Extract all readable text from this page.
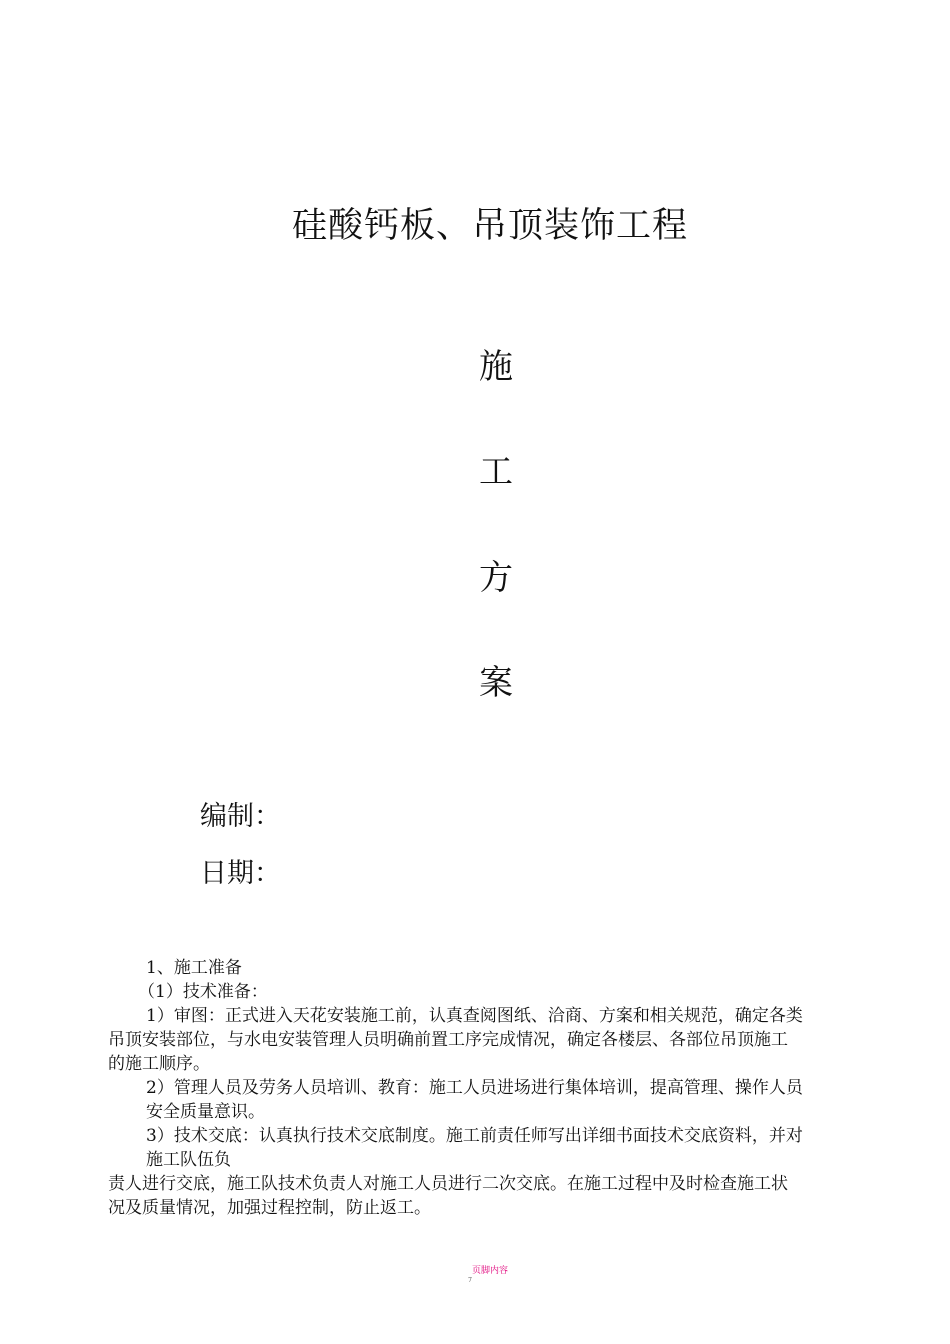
硅酸钙板、吊顶装饰工程
施
工
方
案
编制：
日期：
1、施工准备
（1）技术准备：
1）审图：正式进入天花安装施工前，认真查阅图纸、洽商、方案和相关规范，确定各类
吊顶安装部位，与水电安装管理人员明确前置工序完成情况，确定各楼层、各部位吊顶施工
的施工顺序。
2）管理人员及劳务人员培训、教育：施工人员进场进行集体培训，提高管理、操作人员
安全质量意识。
3）技术交底：认真执行技术交底制度。施工前责任师写出详细书面技术交底资料，并对
施工队伍负
责人进行交底，施工队技术负责人对施工人员进行二次交底。在施工过程中及时检查施工状
况及质量情况，加强过程控制，防止返工。
页脚内容
7
